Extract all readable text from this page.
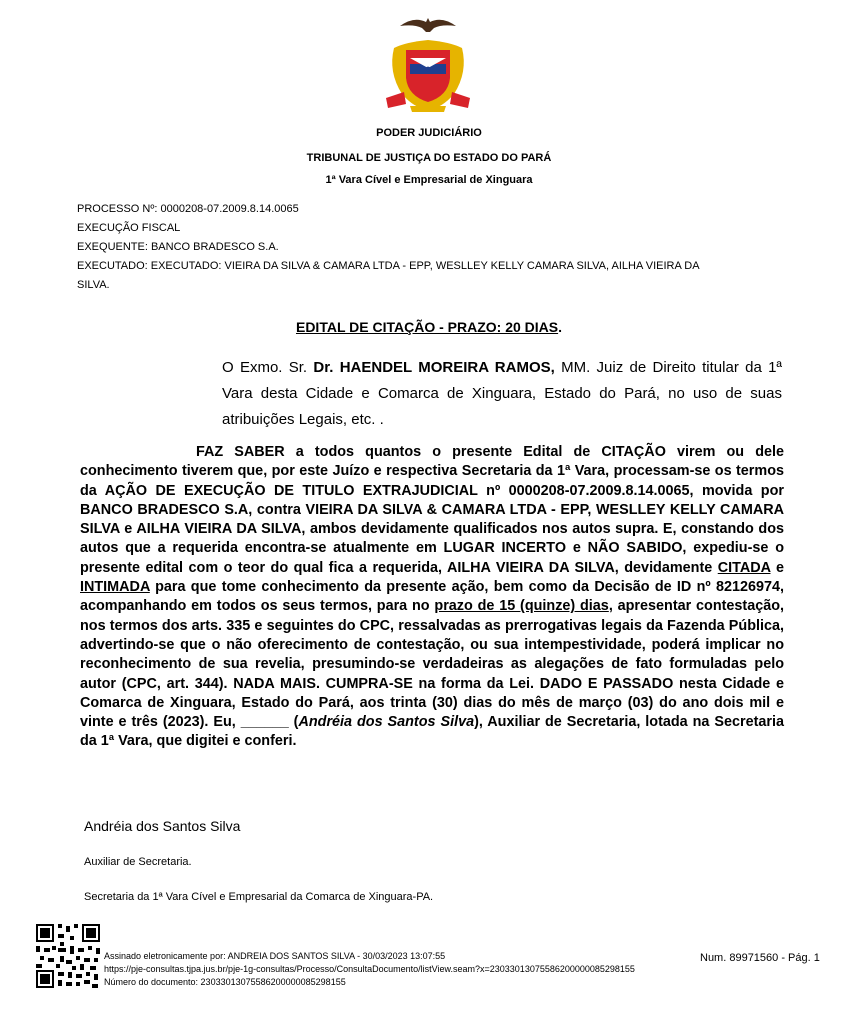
PODER JUDICIÁRIO
TRIBUNAL DE JUSTIÇA DO ESTADO DO PARÁ
1ª Vara Cível e Empresarial de Xinguara
PROCESSO Nº: 0000208-07.2009.8.14.0065
EXECUÇÃO FISCAL
EXEQUENTE: BANCO BRADESCO S.A.
EXECUTADO: EXECUTADO: VIEIRA DA SILVA & CAMARA LTDA - EPP, WESLLEY KELLY CAMARA SILVA, AILHA VIEIRA DA
SILVA.
EDITAL DE CITAÇÃO - PRAZO: 20 DIAS.
O Exmo. Sr. Dr. HAENDEL MOREIRA RAMOS, MM. Juiz de Direito titular da 1ª Vara desta Cidade e Comarca de Xinguara, Estado do Pará, no uso de suas atribuições Legais, etc. .
FAZ SABER a todos quantos o presente Edital de CITAÇÃO virem ou dele conhecimento tiverem que, por este Juízo e respectiva Secretaria da 1ª Vara, processam-se os termos da AÇÃO DE EXECUÇÃO DE TITULO EXTRAJUDICIAL nº 0000208-07.2009.8.14.0065, movida por BANCO BRADESCO S.A, contra VIEIRA DA SILVA & CAMARA LTDA - EPP, WESLLEY KELLY CAMARA SILVA e AILHA VIEIRA DA SILVA, ambos devidamente qualificados nos autos supra. E, constando dos autos que a requerida encontra-se atualmente em LUGAR INCERTO e NÃO SABIDO, expediu-se o presente edital com o teor do qual fica a requerida, AILHA VIEIRA DA SILVA, devidamente CITADA e INTIMADA para que tome conhecimento da presente ação, bem como da Decisão de ID nº 82126974, acompanhando em todos os seus termos, para no prazo de 15 (quinze) dias, apresentar contestação, nos termos dos arts. 335 e seguintes do CPC, ressalvadas as prerrogativas legais da Fazenda Pública, advertindo-se que o não oferecimento de contestação, ou sua intempestividade, poderá implicar no reconhecimento de sua revelia, presumindo-se verdadeiras as alegações de fato formuladas pelo autor (CPC, art. 344). NADA MAIS. CUMPRA-SE na forma da Lei. DADO E PASSADO nesta Cidade e Comarca de Xinguara, Estado do Pará, aos trinta (30) dias do mês de março (03) do ano dois mil e vinte e três (2023). Eu, ______ (Andréia dos Santos Silva), Auxiliar de Secretaria, lotada na Secretaria da 1ª Vara, que digitei e conferi.
Andréia dos Santos Silva
Auxiliar de Secretaria.
Secretaria da 1ª Vara Cível e Empresarial da Comarca de Xinguara-PA.
Assinado eletronicamente por: ANDREIA DOS SANTOS SILVA - 30/03/2023 13:07:55
https://pje-consultas.tjpa.jus.br/pje-1g-consultas/Processo/ConsultaDocumento/listView.seam?x=23033013075586200000085298155
Número do documento: 23033013075586200000085298155
Num. 89971560 - Pág. 1
